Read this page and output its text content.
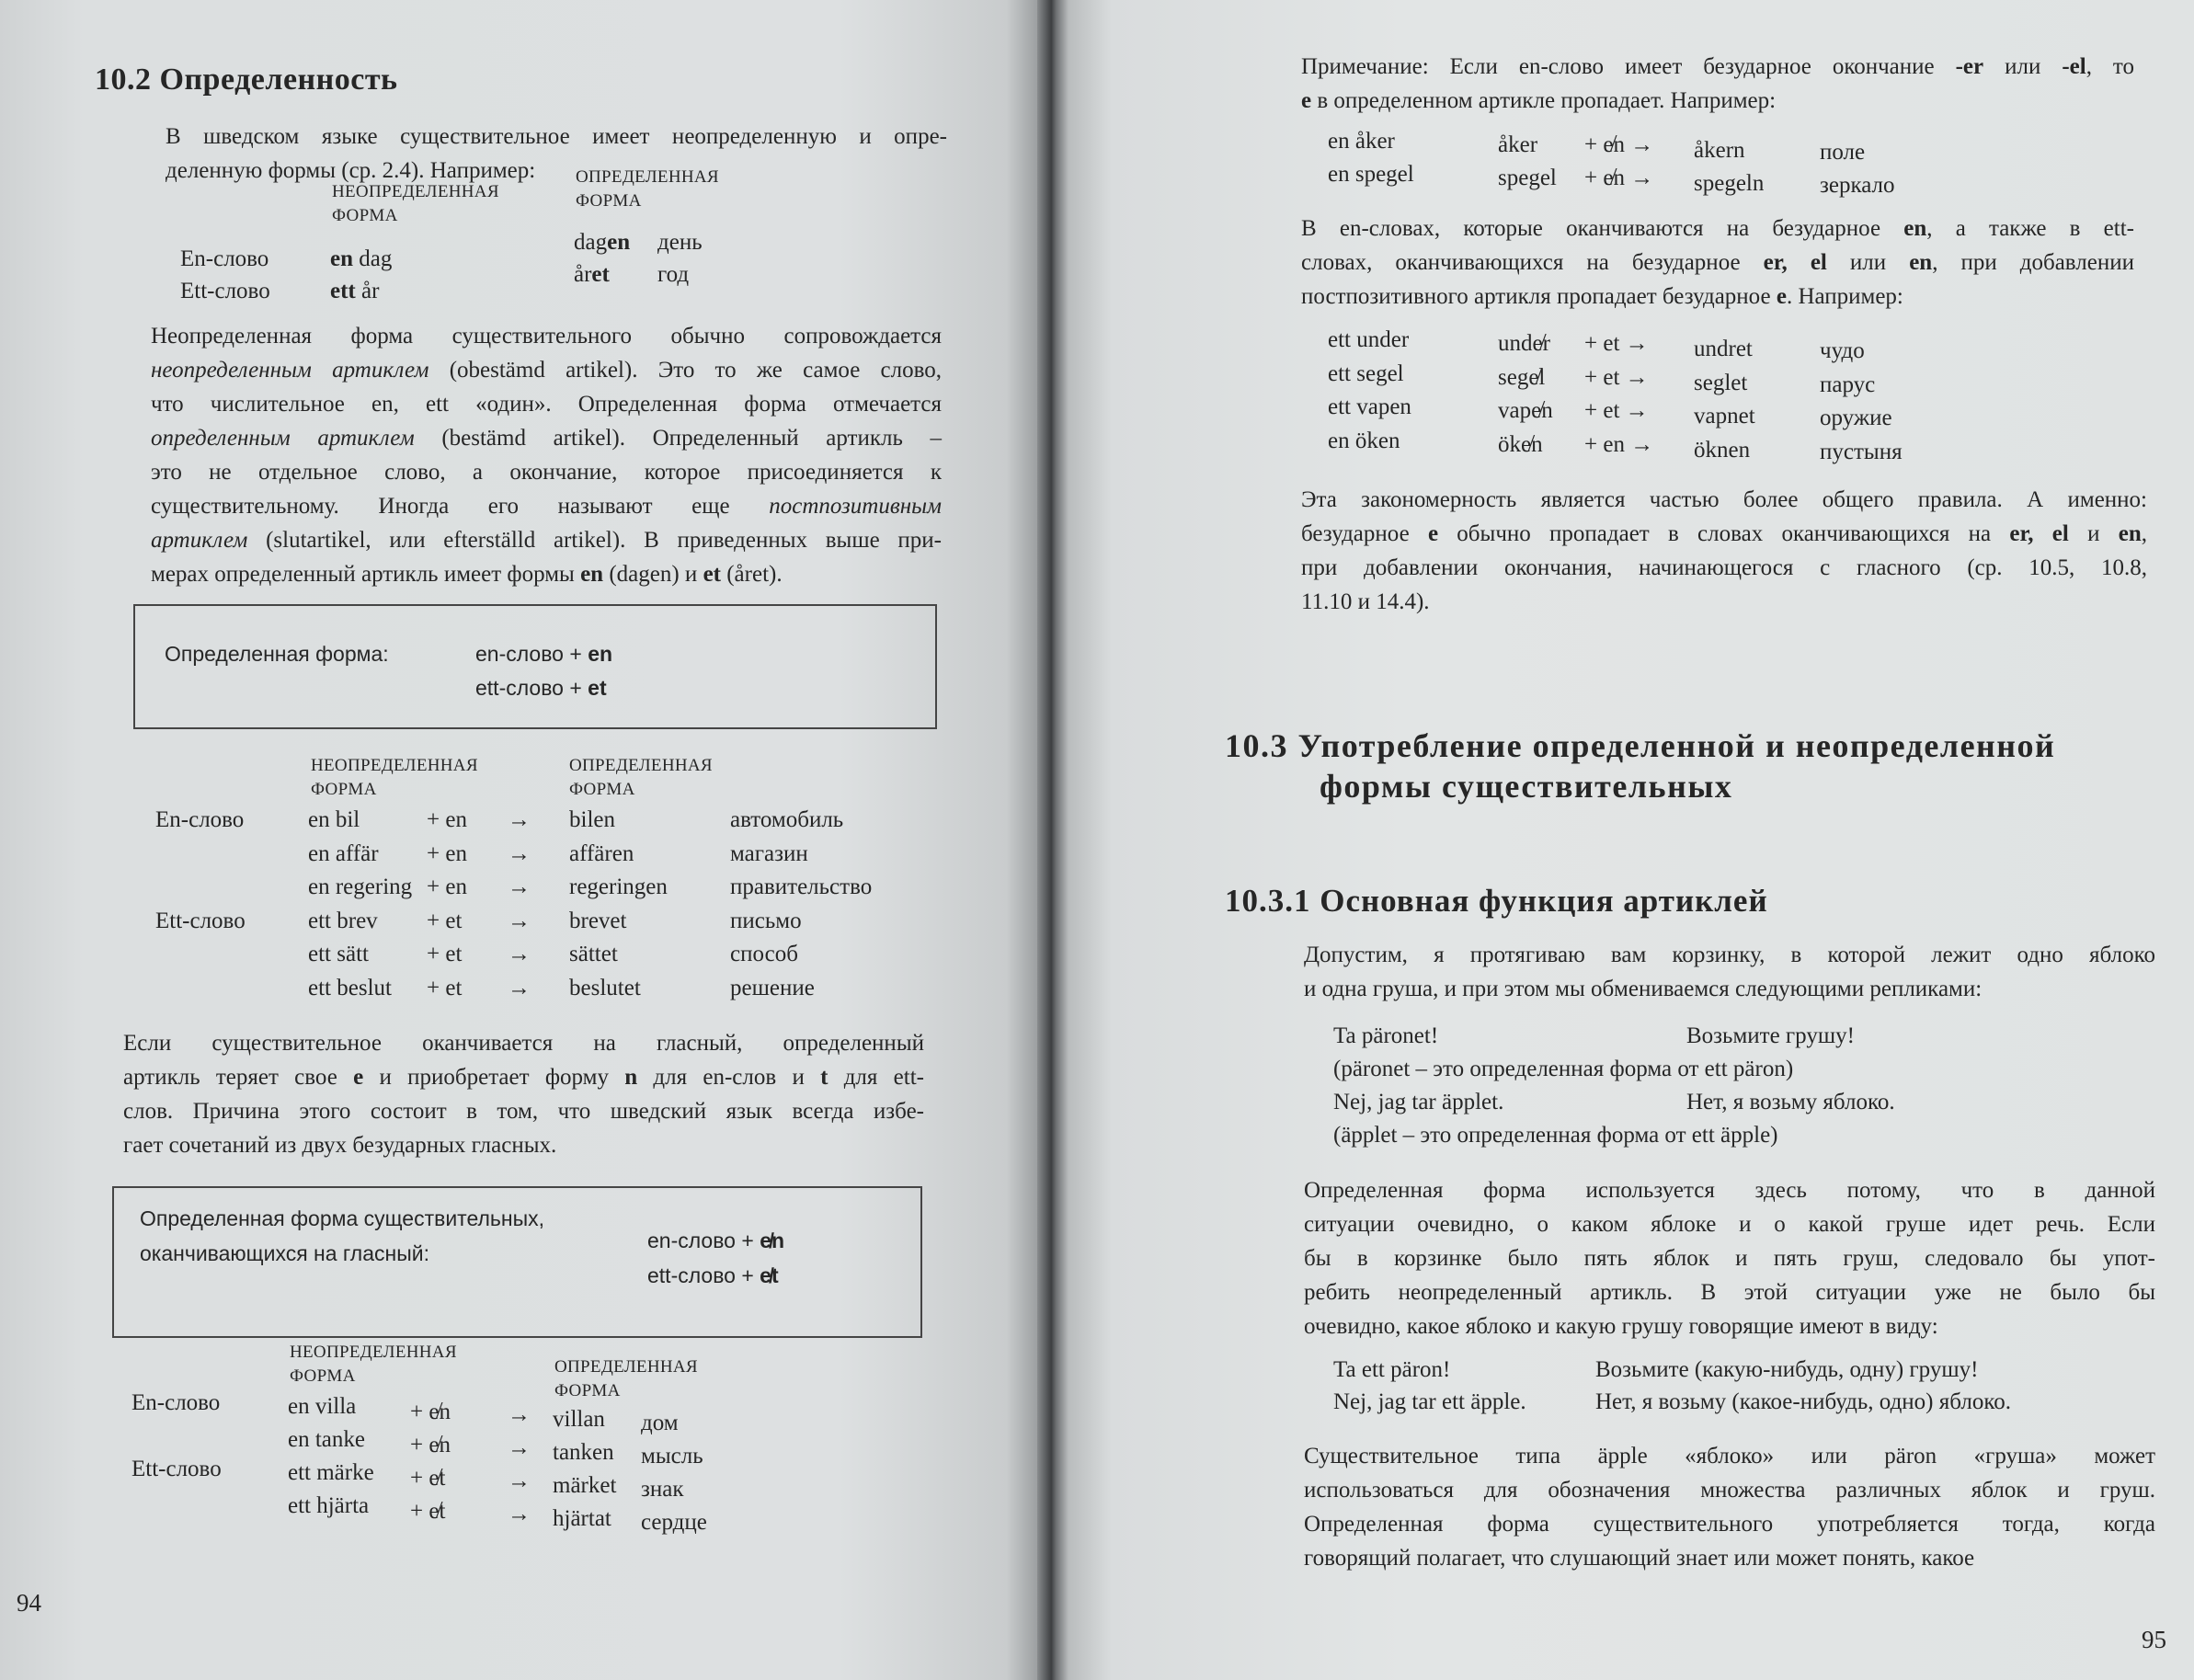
10.2 Определенность
В шведском языке существительное имеет неопределенную и опре-
деленную формы (ср. 2.4). Например:
НЕОПРЕДЕЛЕННАЯ
ФОРМА
ОПРЕДЕЛЕННАЯ
ФОРМА
En-слово	en dag
dagen день
Ett-слово	ett år
året год
Неопределенная форма существительного обычно сопровождается
неопределенным артиклем (obestämd artikel). Это то же самое слово,
что числительное en, ett «один». Определенная форма отмечается
определенным артиклем (bestämd artikel). Определенный артикль –
это не отдельное слово, а окончание, которое присоединяется к
существительному. Иногда его называют еще постпозитивным
артиклем (slutartikel, или efterställd artikel). В приведенных выше при-
мерах определенный артикль имеет формы en (dagen) и et (året).
Определенная форма:	en-слово + en
ett-слово + et
НЕОПРЕДЕЛЕННАЯ
ФОРМА
ОПРЕДЕЛЕННАЯ
ФОРМА
En-слово	en bil	+ en → bilen	автомобиль
en affär + en → affären	магазин
en regering + en → regeringen	правительство
Ett-слово	ett brev + et → brevet	письмо
ett sätt	+ et → sättet	способ
ett beslut + et → beslutet	решение
Если существительное оканчивается на гласный, определенный
артикль теряет свое e и приобретает форму n для en-слов и t для ett-
слов. Причина этого состоит в том, что шведский язык всегда избе-
гает сочетаний из двух безударных гласных.
Определенная форма существительных,
оканчивающихся на гласный:
en-слово + e̸n
ett-слово + e̸t
НЕОПРЕДЕЛЕННАЯ
ФОРМА	ОПРЕДЕЛЕННАЯ
ФОРМА
En-слово	en villa + e̸n → villan дом
en tanke + e̸n → tanken мысль
Ett-слово	ett märke + e̸t	→ märket знак
ett hjärta + e̸t	→ hjärtat сердце
94
Примечание: Если en-слово имеет безударное окончание -er или -el, то
e в определенном артикле пропадает. Например:
en åker	åker + e̸n → åkern	поле
en spegel	spegel + e̸n → spegeln зеркало
В en-словах, которые оканчиваются на безударное en, а также в ett-
словах, оканчивающихся на безударное er, el или en, при добавлении
постпозитивного артикля пропадает безударное e. Например:
ett under	unde̸r + et → undret	чудо
ett segel	sege̸l + et → seglet	парус
ett vapen	vape̸n + et → vapnet	оружие
en öken	öke̸n + en → öknen	пустыня
Эта закономерность является частью более общего правила. А именно:
безударное e обычно пропадает в словах оканчивающихся на er, el и en,
при добавлении окончания, начинающегося с гласного (ср. 10.5, 10.8,
11.10 и 14.4).
10.3 Употребление определенной и неопределенной
формы существительных
10.3.1 Основная функция артиклей
Допустим, я протягиваю вам корзинку, в которой лежит одно яблоко
и одна груша, и при этом мы обмениваемся следующими репликами:
Ta päronet!	Возьмите грушу!
(päronet – это определенная форма от ett päron)
Nej, jag tar äpplet.	Нет, я возьму яблоко.
(äpplet – это определенная форма от ett äpple)
Определенная форма используется здесь потому, что в данной
ситуации очевидно, о каком яблоке и о какой груше идет речь. Если
бы в корзинке было пять яблок и пять груш, следовало бы упот-
ребить неопределенный артикль. В этой ситуации уже не было бы
очевидно, какое яблоко и какую грушу говорящие имеют в виду:
Ta ett päron!	Возьмите (какую-нибудь, одну) грушу!
Nej, jag tar ett äpple.	Нет, я возьму (какое-нибудь, одно) яблоко.
Существительное типа äpple «яблоко» или päron «груша» может
использоваться для обозначения множества различных яблок и груш.
Определенная форма существительного употребляется тогда, когда
говорящий полагает, что слушающий знает или может понять, какое
95
